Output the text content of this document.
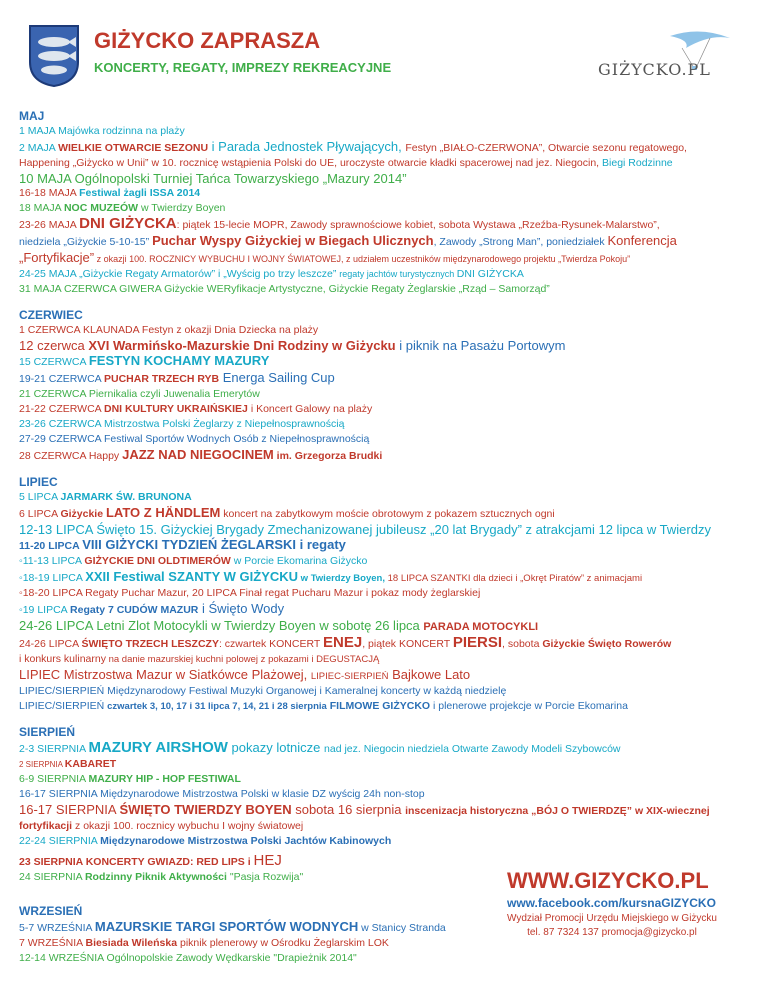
GIŻYCKO ZAPRASZA
KONCERTY, REGATY, IMPREZY REKREACYJNE	GIŻYCKO.PL
MAJ
1 MAJA Majówka rodzinna na plaży
2 MAJA WIELKIE OTWARCIE SEZONU i Parada Jednostek Pływających, Festyn „BIAŁO-CZERWONA”, Otwarcie sezonu regatowego,
Happening „Giżycko w Unii” w 10. rocznicę wstąpienia Polski do UE, uroczyste otwarcie kładki spacerowej nad jez. Niegocin, Biegi Rodzinne
10 MAJA Ogólnopolski Turniej Tańca Towarzyskiego „Mazury 2014”
16-18 MAJA Festiwal żagli ISSA 2014
18 MAJA NOC MUZEÓW w Twierdzy Boyen
23-26 MAJA DNI GIŻYCKA: piątek 15-lecie MOPR, Zawody sprawnościowe kobiet, sobota Wystawa „Rzeźba-Rysunek-Malarstwo”,
niedziela „Giżyckie 5-10-15” Puchar Wyspy Giżyckiej w Biegach Ulicznych, Zawody „Strong Man”, poniedziałek Konferencja
„Fortyfikacje” z okazji 100. ROCZNICY WYBUCHU I WOJNY ŚWIATOWEJ, z udziałem uczestników międzynarodowego projektu „Twierdza Pokoju”
24-25 MAJA „Giżyckie Regaty Armatorów” i „Wyścig po trzy leszcze” regaty jachtów turystycznych DNI GIŻYCKA
31 MAJA CZERWCA GIWERA Giżyckie WERyfikacje Artystyczne, Giżyckie Regaty Żeglarskie „Rząd – Samorząd”
CZERWIEC
1 CZERWCA KLAUNADA Festyn z okazji Dnia Dziecka na plaży
12 czerwca XVI Warmińsko-Mazurskie Dni Rodziny w Giżycku i piknik na Pasażu Portowym
15 CZERWCA FESTYN KOCHAMY MAZURY
19-21 CZERWCA PUCHAR TRZECH RYB Energa Sailing Cup
21 CZERWCA Piernikalia czyli Juwenalia Emerytów
21-22 CZERWCA DNI KULTURY UKRAIŃSKIEJ i Koncert Galowy na plaży
23-26 CZERWCA Mistrzostwa Polski Żeglarzy z Niepełnosprawnością
27-29 CZERWCA Festiwal Sportów Wodnych Osób z Niepełnosprawnością
28 CZERWCA Happy JAZZ NAD NIEGOCINEM im. Grzegorza Brudki
LIPIEC
5 LIPCA JARMARK ŚW. BRUNONA
6 LIPCA Giżyckie LATO Z HÄNDLEM koncert na zabytkowym moście obrotowym z pokazem sztucznych ogni
12-13 LIPCA Święto 15. Giżyckiej Brygady Zmechanizowanej jubileusz „20 lat Brygady” z atrakcjami 12 lipca w Twierdzy
11-20 LIPCA VIII GIŻYCKI TYDZIEŃ ŻEGLARSKI i regaty
◦11-13 LIPCA GIŻYCKIE DNI OLDTIMERÓW w Porcie Ekomarina Giżycko
◦18-19 LIPCA XXII Festiwal SZANTY W GIŻYCKU w Twierdzy Boyen, 18 LIPCA SZANTKI dla dzieci i „Okręt Piratów” z animacjami
◦18-20 LIPCA Regaty Puchar Mazur, 20 LIPCA Finał regat Pucharu Mazur i pokaz mody żeglarskiej
◦19 LIPCA Regaty 7 CUDÓW MAZUR i Święto Wody
24-26 LIPCA Letni Zlot Motocykli w Twierdzy Boyen w sobotę 26 lipca PARADA MOTOCYKLI
24-26 LIPCA ŚWIĘTO TRZECH LESZCZY: czwartek KONCERT ENEJ, piątek KONCERT PIERSI, sobota Giżyckie Święto Rowerów
i konkurs kulinarny na danie mazurskiej kuchni polowej z pokazami i DEGUSTACJĄ
LIPIEC Mistrzostwa Mazur w Siatkówce Plażowej, LIPIEC-SIERPIEŃ Bajkowe Lato
LIPIEC/SIERPIEŃ Międzynarodowy Festiwal Muzyki Organowej i Kameralnej koncerty w każdą niedzielę
LIPIEC/SIERPIEŃ czwartek 3, 10, 17 i 31 lipca 7, 14, 21 i 28 sierpnia FILMOWE GIŻYCKO i plenerowe projekcje w Porcie Ekomarina
SIERPIEŃ
2-3 SIERPNIA MAZURY AIRSHOW pokazy lotnicze nad jez. Niegocin niedziela Otwarte Zawody Modeli Szybowców
2 SIERPNIA KABARET
6-9 SIERPNIA MAZURY HIP - HOP FESTIWAL
16-17 SIERPNIA Międzynarodowe Mistrzostwa Polski w klasie DZ wyścig 24h non-stop
16-17 SIERPNIA ŚWIĘTO TWIERDZY BOYEN sobota 16 sierpnia inscenizacja historyczna „BÓJ O TWIERDZĘ” w XIX-wiecznej
fortyfikacji z okazji 100. rocznicy wybuchu I wojny światowej
22-24 SIERPNIA Międzynarodowe Mistrzostwa Polski Jachtów Kabinowych
23 SIERPNIA KONCERTY GWIAZD: RED LIPS i HEJ
24 SIERPNIA Rodzinny Piknik Aktywności "Pasja Rozwija"
WRZESIEŃ
5-7 WRZEŚNIA MAZURSKIE TARGI SPORTÓW WODNYCH w Stanicy Stranda
7 WRZEŚNIA Biesiada Wileńska piknik plenerowy w Ośrodku Żeglarskim LOK
12-14 WRZEŚNIA Ogólnopolskie Zawody Wędkarskie "Drapieżnik 2014"
WWW.GIZYCKO.PL
www.facebook.com/kursnaGIZYCKO
Wydział Promocji Urzędu Miejskiego w Giżycku
tel. 87 7324 137 promocja@gizycko.pl
